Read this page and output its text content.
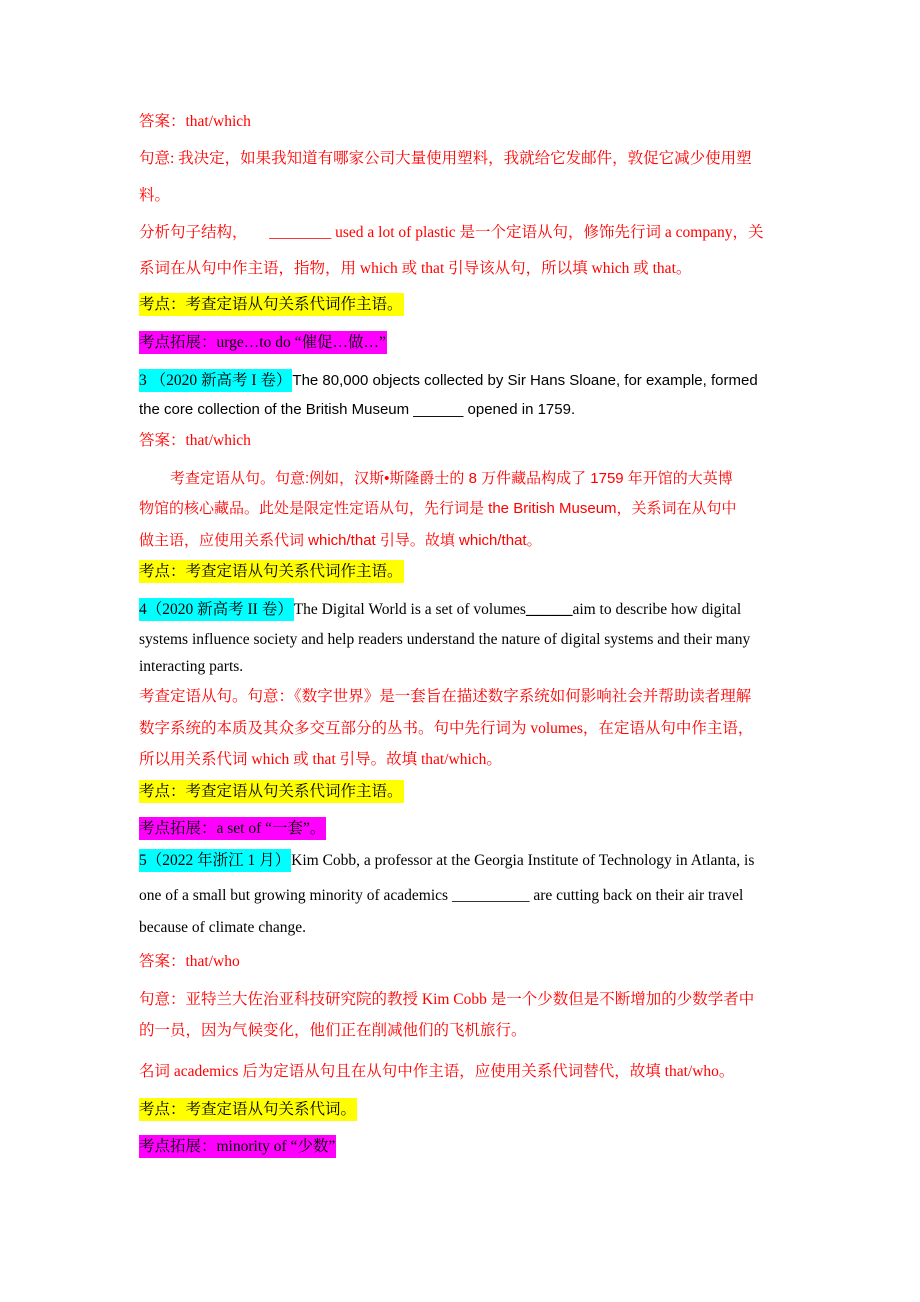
答案：that/which
句意: 我决定，如果我知道有哪家公司大量使用塑料，我就给它发邮件，敦促它减少使用塑
料。
分析句子结构， ________ used a lot of plastic 是一个定语从句，修饰先行词 a company，关
系词在从句中作主语，指物，用 which 或 that 引导该从句，所以填 which 或 that。
考点：考查定语从句关系代词作主语。
考点拓展：urge…to do “催促…做…”
3 （2020 新高考 I 卷）The 80,000 objects collected by Sir Hans Sloane, for example, formed
the core collection of the British Museum ______ opened in 1759.
答案：that/which
考查定语从句。句意:例如，汉斯•斯隆爵士的 8 万件藏品构成了 1759 年开馆的大英博
物馆的核心藏品。此处是限定性定语从句，先行词是 the British Museum，关系词在从句中
做主语，应使用关系代词 which/that 引导。故填 which/that。
考点：考查定语从句关系代词作主语。
4（2020 新高考 II 卷）The Digital World is a set of volumes______aim to describe how digital
systems influence society and help readers understand the nature of digital systems and their many
interacting parts.
考查定语从句。句意：《数字世界》是一套旨在描述数字系统如何影响社会并帮助读者理解
数字系统的本质及其众多交互部分的丛书。句中先行词为 volumes，在定语从句中作主语，
所以用关系代词 which 或 that 引导。故填 that/which。
考点：考查定语从句关系代词作主语。
考点拓展：a set of “一套”。
5（2022 年浙江 1 月）Kim Cobb, a professor at the Georgia Institute of Technology in Atlanta, is
one of a small but growing minority of academics __________ are cutting back on their air travel
because of climate change.
答案：that/who
句意：亚特兰大佐治亚科技研究院的教授 Kim Cobb 是一个少数但是不断增加的少数学者中
的一员，因为气候变化，他们正在削减他们的飞机旅行。
名词 academics 后为定语从句且在从句中作主语，应使用关系代词替代，故填 that/who。
考点：考查定语从句关系代词。
考点拓展：minority of “少数”
